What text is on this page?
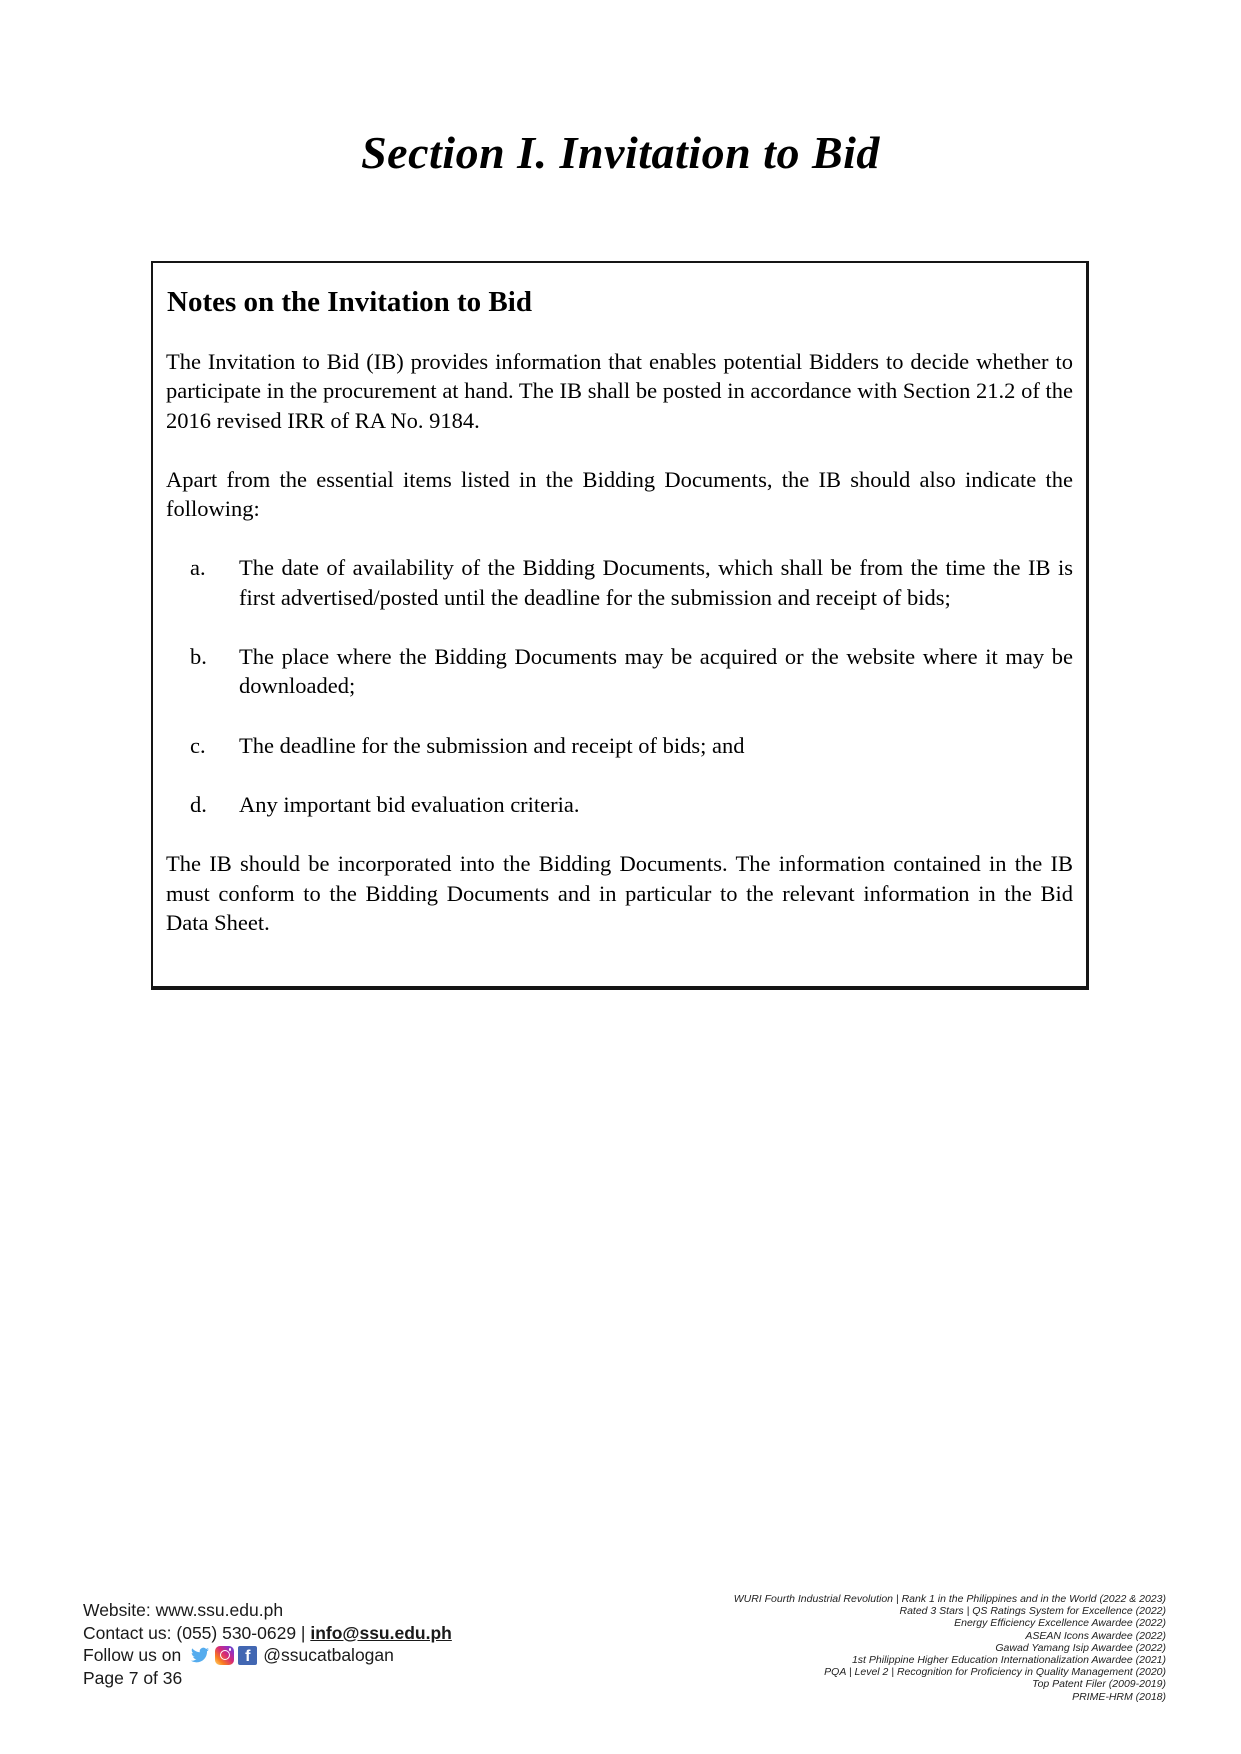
Section I. Invitation to Bid
Notes on the Invitation to Bid

The Invitation to Bid (IB) provides information that enables potential Bidders to decide whether to participate in the procurement at hand. The IB shall be posted in accordance with Section 21.2 of the 2016 revised IRR of RA No. 9184.

Apart from the essential items listed in the Bidding Documents, the IB should also indicate the following:

a.	The date of availability of the Bidding Documents, which shall be from the time the IB is first advertised/posted until the deadline for the submission and receipt of bids;
b.	The place where the Bidding Documents may be acquired or the website where it may be downloaded;
c.	The deadline for the submission and receipt of bids; and
d.	Any important bid evaluation criteria.

The IB should be incorporated into the Bidding Documents. The information contained in the IB must conform to the Bidding Documents and in particular to the relevant information in the Bid Data Sheet.

Website: www.ssu.edu.ph
Contact us: (055) 530-0629 | info@ssu.edu.ph
Follow us on	f @ssucatbalogan
Page 7 of 36
WURI Fourth Industrial Revolution | Rank 1 in the Philippines and in the World (2022 & 2023)
Rated 3 Stars | QS Ratings System for Excellence (2022)
Energy Efficiency Excellence Awardee (2022)
ASEAN Icons Awardee (2022)
Gawad Yamang Isip Awardee (2022)
1st Philippine Higher Education Internationalization Awardee (2021)
PQA | Level 2 | Recognition for Proficiency in Quality Management (2020)
Top Patent Filer (2009-2019)
PRIME-HRM (2018)
